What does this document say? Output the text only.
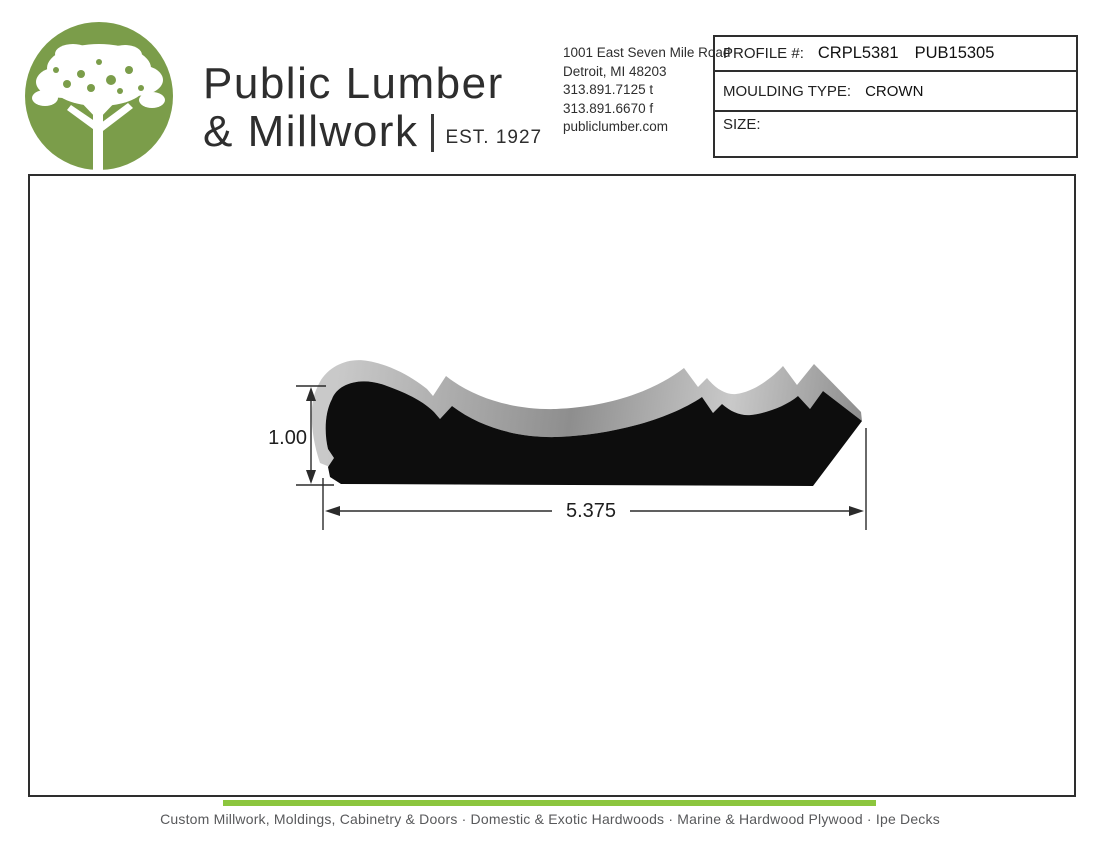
Public Lumber
& Millwork EST. 1927
1001 East Seven Mile Road
Detroit, MI 48203
313.891.7125 t
313.891.6670 f
publiclumber.com
PROFILE #: CRPL5381 PUB15305
MOULDING TYPE: CROWN
SIZE:
1.00
5.375
Custom Millwork, Moldings, Cabinetry & Doors · Domestic & Exotic Hardwoods · Marine & Hardwood Plywood · Ipe Decks
